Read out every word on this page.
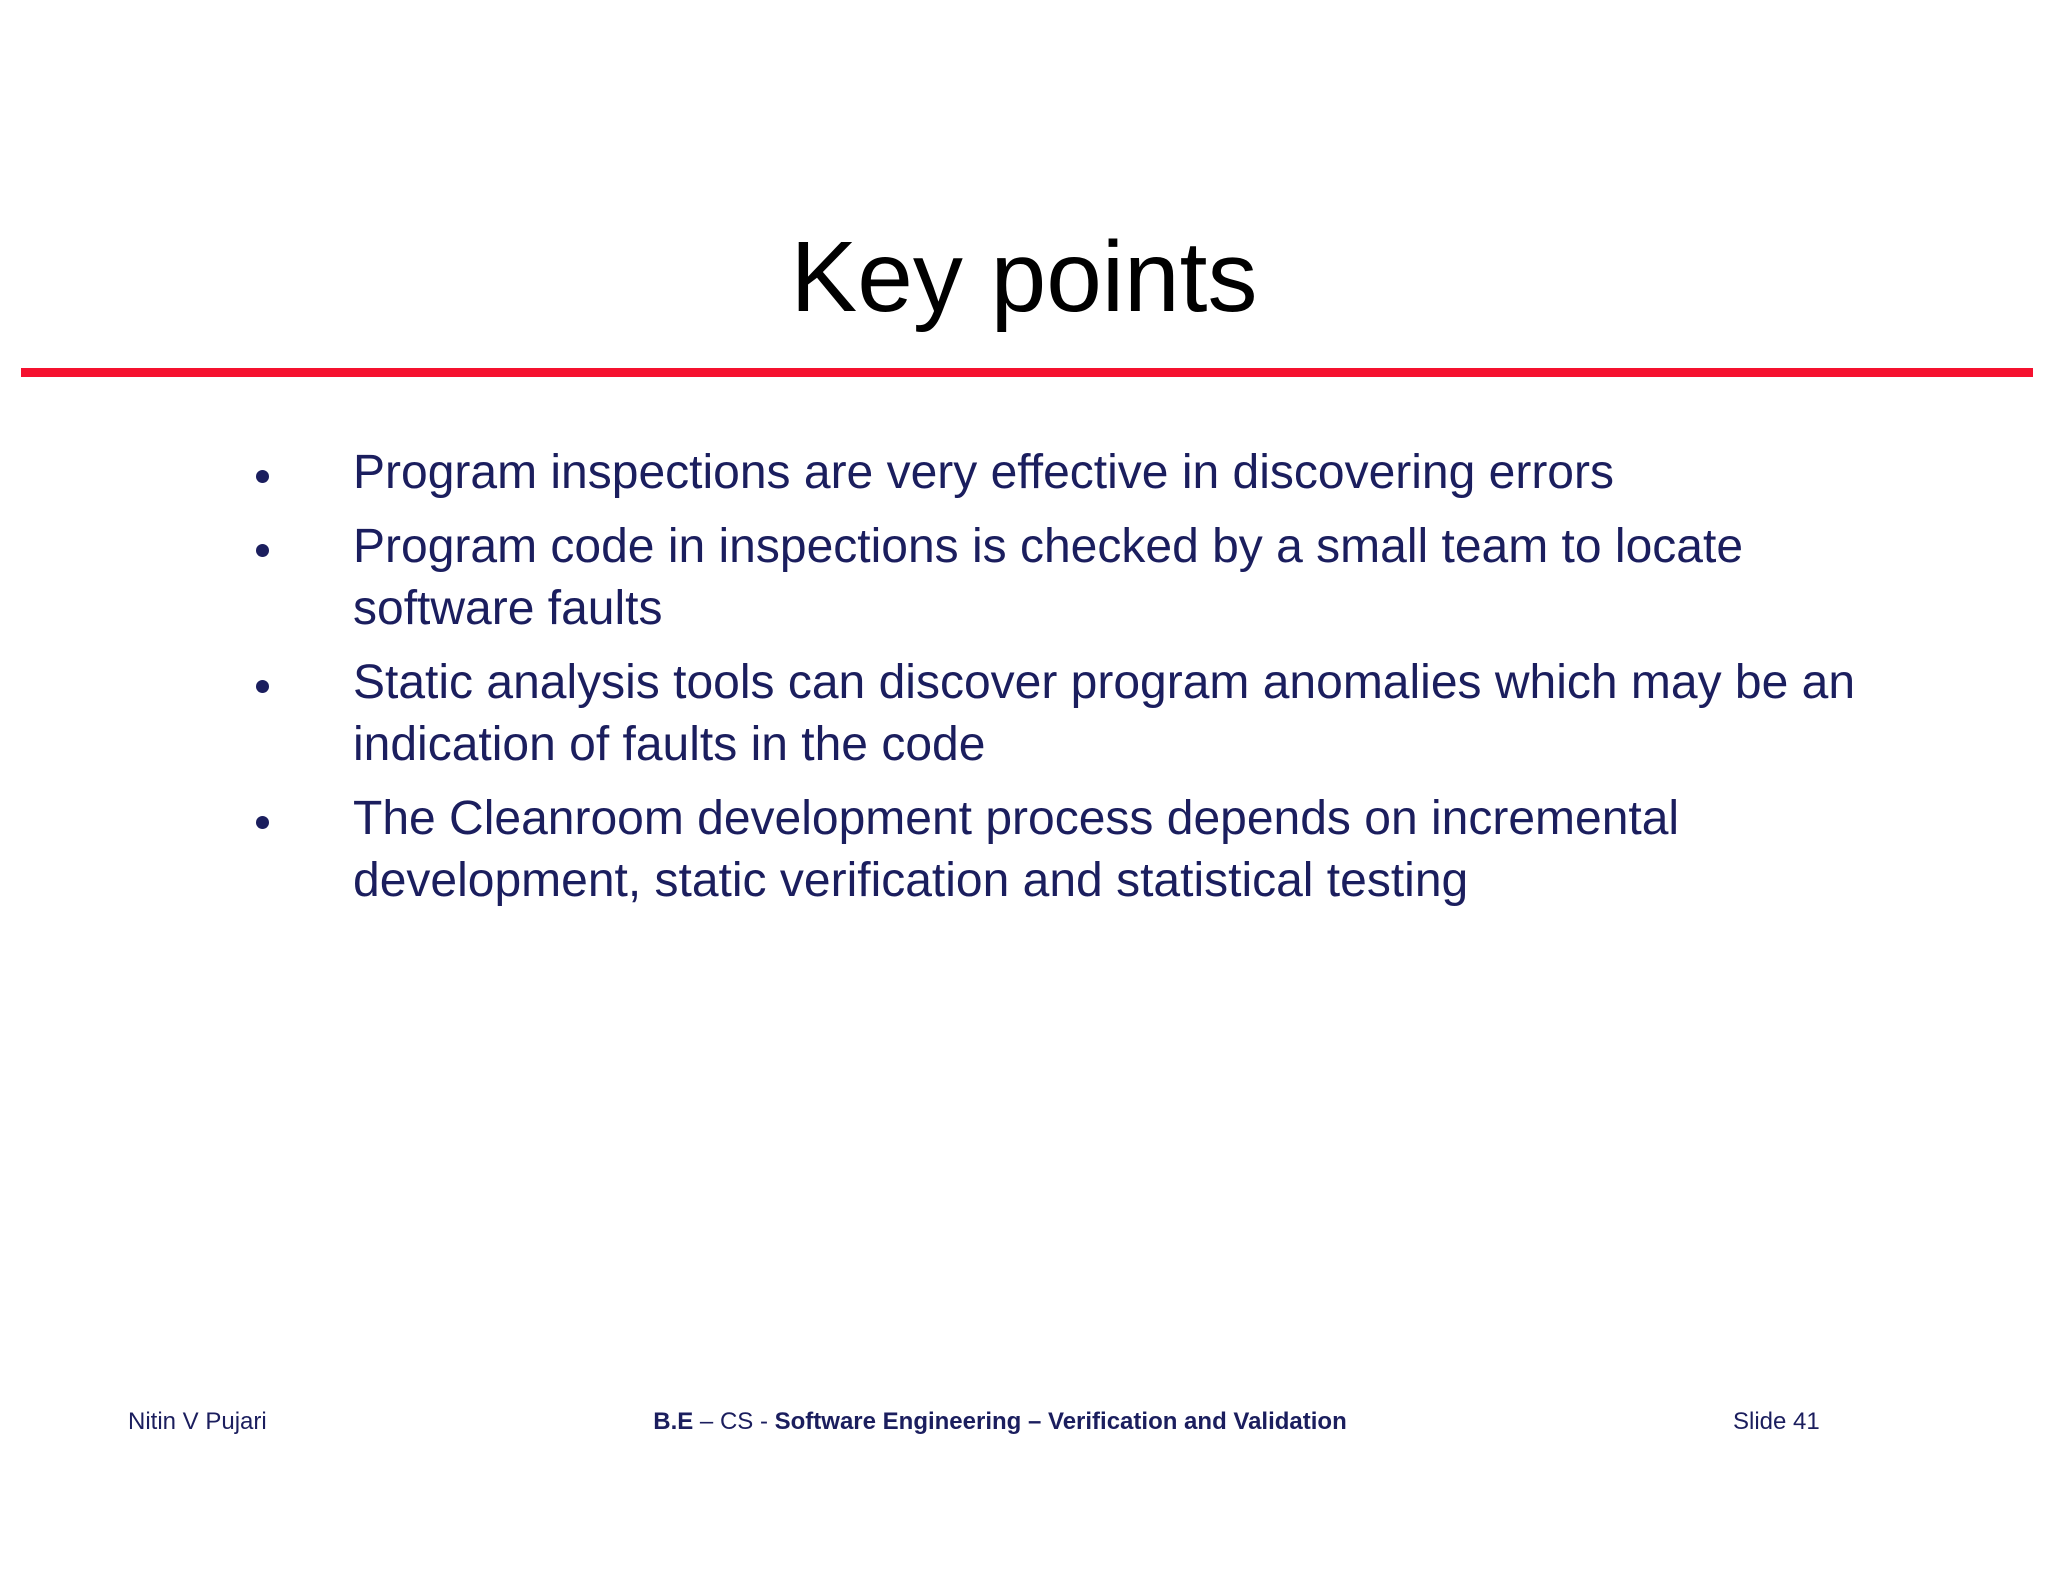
Key points
Program inspections are very effective in discovering errors
Program code in inspections is checked by a small team to locate software faults
Static analysis tools can discover program anomalies which may be an indication of faults in the code
The Cleanroom development process depends on incremental development, static verification and statistical testing
Nitin V Pujari	B.E – CS - Software Engineering – Verification and Validation	Slide 41
